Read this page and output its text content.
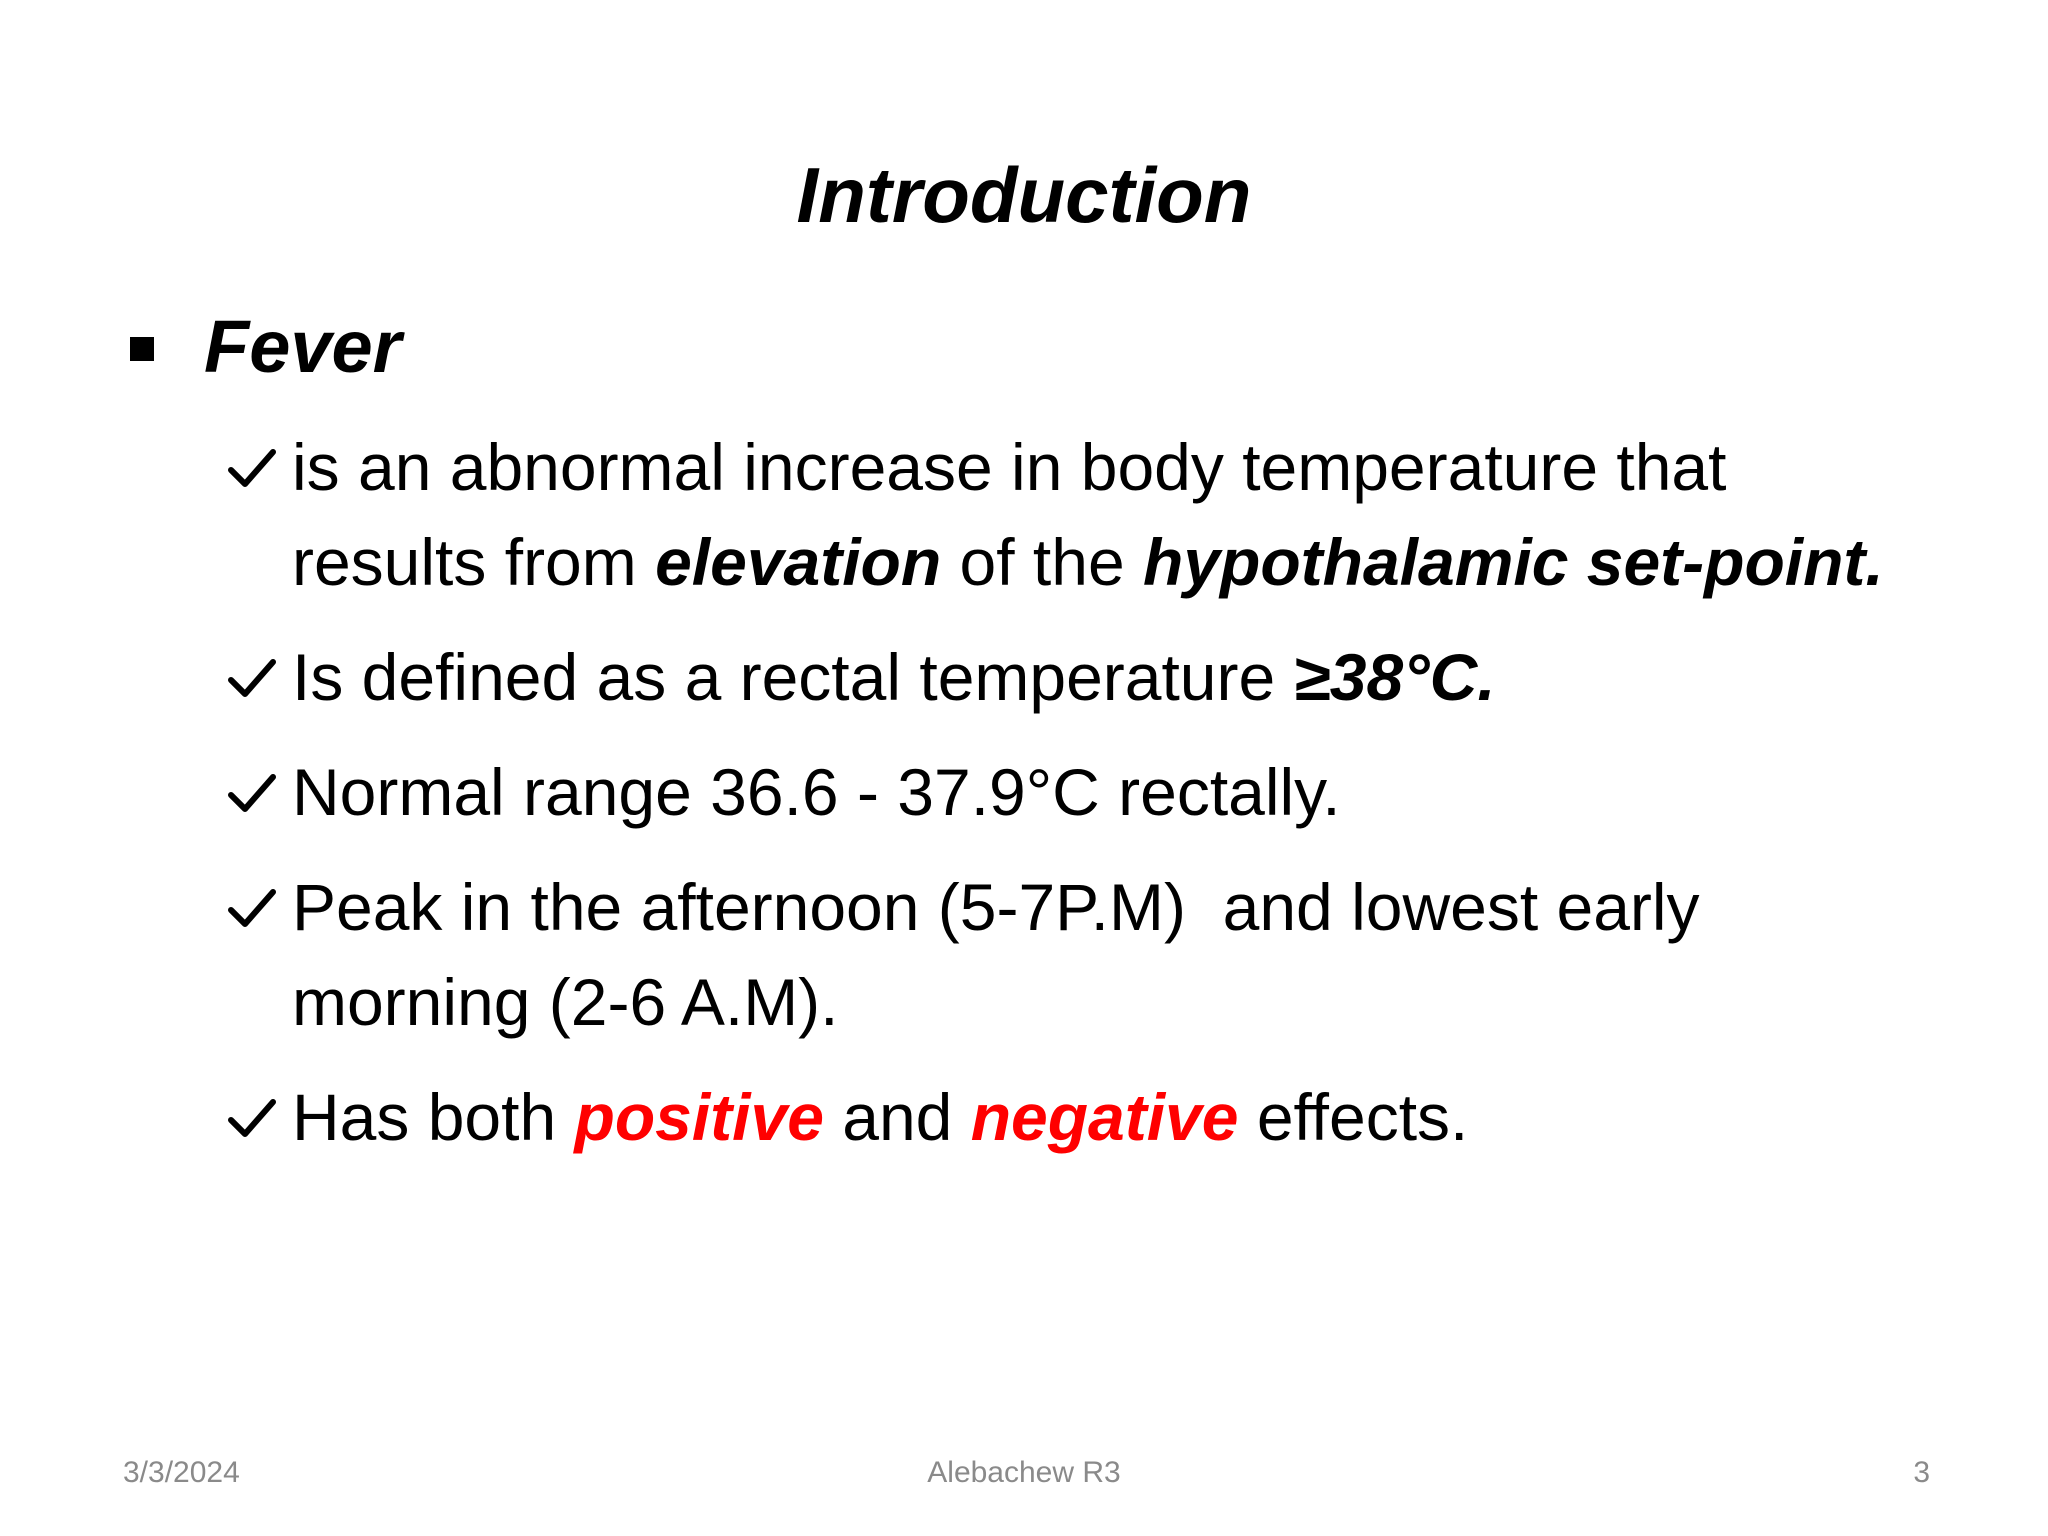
Introduction
Fever
is an abnormal increase in body temperature that results from elevation of the hypothalamic set-point.
Is defined as a rectal temperature ≥38°C.
Normal range 36.6 - 37.9°C rectally.
Peak in the afternoon (5-7P.M)  and lowest early morning (2-6 A.M).
Has both positive and negative effects.
3/3/2024	Alebachew R3	3
